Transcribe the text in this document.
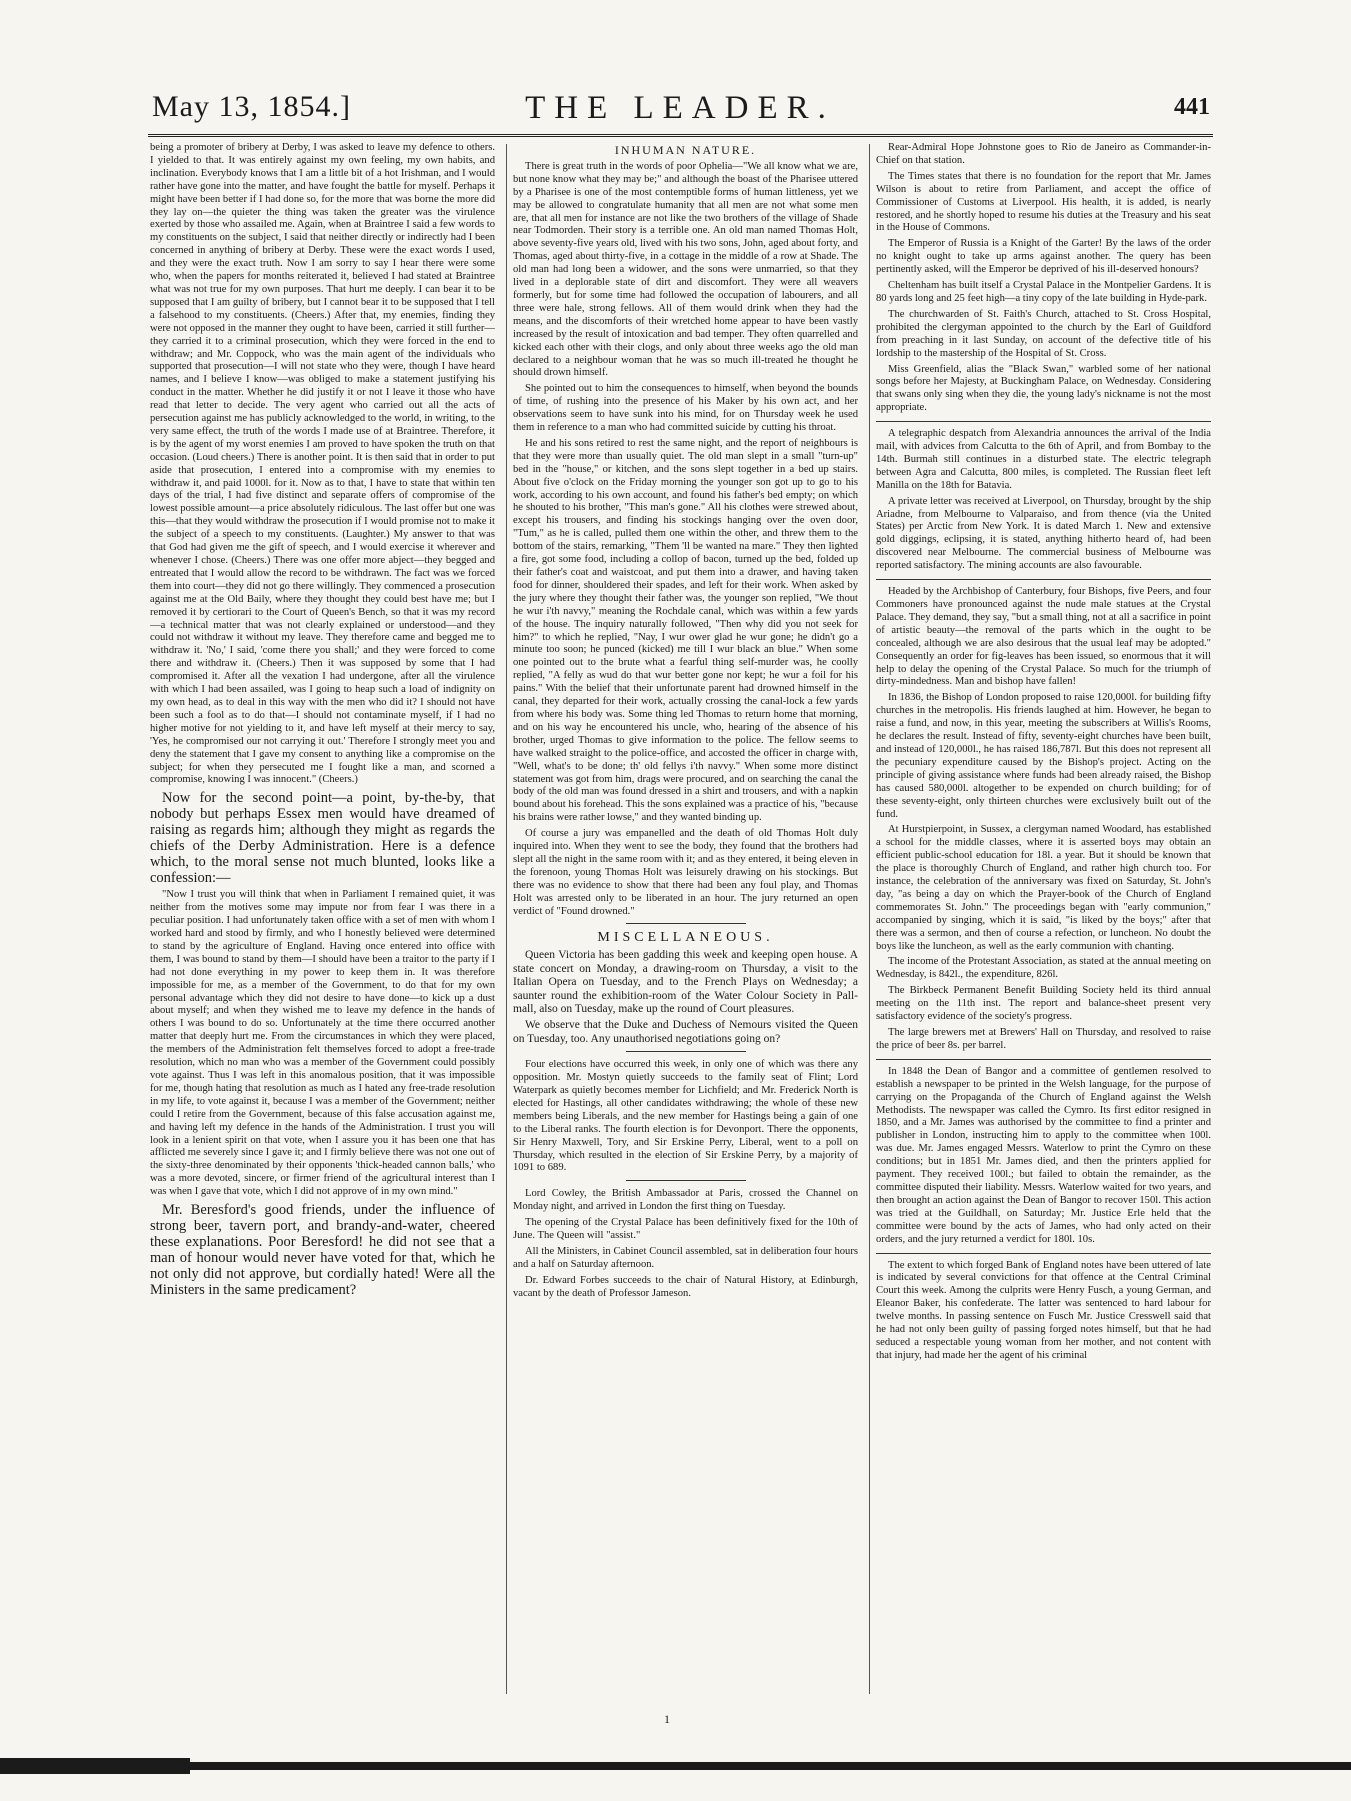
May 13, 1854.]	THE LEADER.	441

being a promoter of bribery at Derby, I was asked to leave my defence to others. I yielded to that. It was entirely against my own feeling, my own habits, and inclination. Everybody knows that I am a little bit of a hot Irishman, and I would rather have gone into the matter, and have fought the battle for myself. Perhaps it might have been better if I had done so, for the more that was borne the more did they lay on—the quieter the thing was taken the greater was the virulence exerted by those who assailed me. Again, when at Braintree I said a few words to my constituents on the subject, I said that neither directly or indirectly had I been concerned in anything of bribery at Derby. These were the exact words I used, and they were the exact truth. Now I am sorry to say I hear there were some who, when the papers for months reiterated it, believed I had stated at Braintree what was not true for my own purposes. That hurt me deeply. I can bear it to be supposed that I am guilty of bribery, but I cannot bear it to be supposed that I tell a falsehood to my constituents. (Cheers.) After that, my enemies, finding they were not opposed in the manner they ought to have been, carried it still further—they carried it to a criminal prosecution, which they were forced in the end to withdraw; and Mr. Coppock, who was the main agent of the individuals who supported that prosecution—I will not state who they were, though I have heard names, and I believe I know—was obliged to make a statement justifying his conduct in the matter. Whether he did justify it or not I leave it those who have read that letter to decide. The very agent who carried out all the acts of persecution against me has publicly acknowledged to the world, in writing, to the very same effect, the truth of the words I made use of at Braintree. Therefore, it is by the agent of my worst enemies I am proved to have spoken the truth on that occasion. (Loud cheers.) There is another point. It is then said that in order to put aside that prosecution, I entered into a compromise with my enemies to withdraw it, and paid 1000l. for it. Now as to that, I have to state that within ten days of the trial, I had five distinct and separate offers of compromise of the lowest possible amount—a price absolutely ridiculous. The last offer but one was this—that they would withdraw the prosecution if I would promise not to make it the subject of a speech to my constituents. (Laughter.) My answer to that was that God had given me the gift of speech, and I would exercise it wherever and whenever I chose. (Cheers.) There was one offer more abject—they begged and entreated that I would allow the record to be withdrawn. The fact was we forced them into court—they did not go there willingly. They commenced a prosecution against me at the Old Baily, where they thought they could best have me; but I removed it by certiorari to the Court of Queen's Bench, so that it was my record—a technical matter that was not clearly explained or understood—and they could not withdraw it without my leave. They therefore came and begged me to withdraw it. 'No,' I said, 'come there you shall;' and they were forced to come there and withdraw it. (Cheers.) Then it was supposed by some that I had compromised it. After all the vexation I had undergone, after all the virulence with which I had been assailed, was I going to heap such a load of indignity on my own head, as to deal in this way with the men who did it? I should not have been such a fool as to do that—I should not contaminate myself, if I had no higher motive for not yielding to it, and have left myself at their mercy to say, 'Yes, he compromised our not carrying it out.' Therefore I strongly meet you and deny the statement that I gave my consent to anything like a compromise on the subject; for when they persecuted me I fought like a man, and scorned a compromise, knowing I was innocent." (Cheers.)

Now for the second point—a point, by-the-by, that nobody but perhaps Essex men would have dreamed of raising as regards him; although they might as regards the chiefs of the Derby Administration. Here is a defence which, to the moral sense not much blunted, looks like a confession:—

"Now I trust you will think that when in Parliament I remained quiet, it was neither from the motives some may impute nor from fear I was there in a peculiar position. I had unfortunately taken office with a set of men with whom I worked hard and stood by firmly, and who I honestly believed were determined to stand by the agriculture of England. Having once entered into office with them, I was bound to stand by them—I should have been a traitor to the party if I had not done everything in my power to keep them in. It was therefore impossible for me, as a member of the Government, to do that for my own personal advantage which they did not desire to have done—to kick up a dust about myself; and when they wished me to leave my defence in the hands of others I was bound to do so. Unfortunately at the time there occurred another matter that deeply hurt me. From the circumstances in which they were placed, the members of the Administration felt themselves forced to adopt a free-trade resolution, which no man who was a member of the Government could possibly vote against. Thus I was left in this anomalous position, that it was impossible for me, though hating that resolution as much as I hated any free-trade resolution in my life, to vote against it, because I was a member of the Government; neither could I retire from the Government, because of this false accusation against me, and having left my defence in the hands of the Administration. I trust you will look in a lenient spirit on that vote, when I assure you it has been one that has afflicted me severely since I gave it; and I firmly believe there was not one out of the sixty-three denominated by their opponents 'thick-headed cannon balls,' who was a more devoted, sincere, or firmer friend of the agricultural interest than I was when I gave that vote, which I did not approve of in my own mind."

Mr. Beresford's good friends, under the influence of strong beer, tavern port, and brandy-and-water, cheered these explanations. Poor Beresford! he did not see that a man of honour would never have voted for that, which he not only did not approve, but cordially hated! Were all the Ministers in the same predicament?

INHUMAN NATURE.

There is great truth in the words of poor Ophelia—"We all know what we are, but none know what they may be;" and although the boast of the Pharisee uttered by a Pharisee is one of the most contemptible forms of human littleness, yet we may be allowed to congratulate humanity that all men are not what some men are, that all men for instance are not like the two brothers of the village of Shade near Todmorden. Their story is a terrible one. An old man named Thomas Holt, above seventy-five years old, lived with his two sons, John, aged about forty, and Thomas, aged about thirty-five, in a cottage in the middle of a row at Shade. The old man had long been a widower, and the sons were unmarried, so that they lived in a deplorable state of dirt and discomfort. They were all weavers formerly, but for some time had followed the occupation of labourers, and all three were hale, strong fellows. All of them would drink when they had the means, and the discomforts of their wretched home appear to have been vastly increased by the result of intoxication and bad temper. They often quarrelled and kicked each other with their clogs, and only about three weeks ago the old man declared to a neighbour woman that he was so much ill-treated he thought he should drown himself.

She pointed out to him the consequences to himself, when beyond the bounds of time, of rushing into the presence of his Maker by his own act, and her observations seem to have sunk into his mind, for on Thursday week he used them in reference to a man who had committed suicide by cutting his throat.

He and his sons retired to rest the same night, and the report of neighbours is that they were more than usually quiet. The old man slept in a small "turn-up" bed in the "house," or kitchen, and the sons slept together in a bed up stairs. About five o'clock on the Friday morning the younger son got up to go to his work, according to his own account, and found his father's bed empty; on which he shouted to his brother, "This man's gone." All his clothes were strewed about, except his trousers, and finding his stockings hanging over the oven door, "Tum," as he is called, pulled them one within the other, and threw them to the bottom of the stairs, remarking, "Them 'll be wanted na mare." They then lighted a fire, got some food, including a collop of bacon, turned up the bed, folded up their father's coat and waistcoat, and put them into a drawer, and having taken food for dinner, shouldered their spades, and left for their work. When asked by the jury where they thought their father was, the younger son replied, "We thout he wur i'th navvy," meaning the Rochdale canal, which was within a few yards of the house. The inquiry naturally followed, "Then why did you not seek for him?" to which he replied, "Nay, I wur ower glad he wur gone; he didn't go a minute too soon; he punced (kicked) me till I wur black an blue." When some one pointed out to the brute what a fearful thing self-murder was, he coolly replied, "A felly as wud do that wur better gone nor kept; he wur a foil for his pains." With the belief that their unfortunate parent had drowned himself in the canal, they departed for their work, actually crossing the canal-lock a few yards from where his body was. Some thing led Thomas to return home that morning, and on his way he encountered his uncle, who, hearing of the absence of his brother, urged Thomas to give information to the police. The fellow seems to have walked straight to the police-office, and accosted the officer in charge with, "Well, what's to be done; th' old fellys i'th navvy." When some more distinct statement was got from him, drags were procured, and on searching the canal the body of the old man was found dressed in a shirt and trousers, and with a napkin bound about his forehead. This the sons explained was a practice of his, "because his brains were rather lowse," and they wanted binding up.

Of course a jury was empanelled and the death of old Thomas Holt duly inquired into. When they went to see the body, they found that the brothers had slept all the night in the same room with it; and as they entered, it being eleven in the forenoon, young Thomas Holt was leisurely drawing on his stockings. But there was no evidence to show that there had been any foul play, and Thomas Holt was arrested only to be liberated in an hour. The jury returned an open verdict of "Found drowned."

MISCELLANEOUS.

Queen Victoria has been gadding this week and keeping open house. A state concert on Monday, a drawing-room on Thursday, a visit to the Italian Opera on Tuesday, and to the French Plays on Wednesday; a saunter round the exhibition-room of the Water Colour Society in Pall-mall, also on Tuesday, make up the round of Court pleasures.

We observe that the Duke and Duchess of Nemours visited the Queen on Tuesday, too. Any unauthorised negotiations going on?

Four elections have occurred this week, in only one of which was there any opposition. Mr. Mostyn quietly succeeds to the family seat of Flint; Lord Waterpark as quietly becomes member for Lichfield; and Mr. Frederick North is elected for Hastings, all other candidates withdrawing; the whole of these new members being Liberals, and the new member for Hastings being a gain of one to the Liberal ranks. The fourth election is for Devonport. There the opponents, Sir Henry Maxwell, Tory, and Sir Erskine Perry, Liberal, went to a poll on Thursday, which resulted in the election of Sir Erskine Perry, by a majority of 1091 to 689.

Lord Cowley, the British Ambassador at Paris, crossed the Channel on Monday night, and arrived in London the first thing on Tuesday.

The opening of the Crystal Palace has been definitively fixed for the 10th of June. The Queen will "assist."

All the Ministers, in Cabinet Council assembled, sat in deliberation four hours and a half on Saturday afternoon.

Dr. Edward Forbes succeeds to the chair of Natural History, at Edinburgh, vacant by the death of Professor Jameson.

Rear-Admiral Hope Johnstone goes to Rio de Janeiro as Commander-in-Chief on that station.

The Times states that there is no foundation for the report that Mr. James Wilson is about to retire from Parliament, and accept the office of Commissioner of Customs at Liverpool. His health, it is added, is nearly restored, and he shortly hoped to resume his duties at the Treasury and his seat in the House of Commons.

The Emperor of Russia is a Knight of the Garter! By the laws of the order no knight ought to take up arms against another. The query has been pertinently asked, will the Emperor be deprived of his ill-deserved honours?

Cheltenham has built itself a Crystal Palace in the Montpelier Gardens. It is 80 yards long and 25 feet high—a tiny copy of the late building in Hyde-park.

The churchwarden of St. Faith's Church, attached to St. Cross Hospital, prohibited the clergyman appointed to the church by the Earl of Guildford from preaching in it last Sunday, on account of the defective title of his lordship to the mastership of the Hospital of St. Cross.

Miss Greenfield, alias the "Black Swan," warbled some of her national songs before her Majesty, at Buckingham Palace, on Wednesday. Considering that swans only sing when they die, the young lady's nickname is not the most appropriate.

A telegraphic despatch from Alexandria announces the arrival of the India mail, with advices from Calcutta to the 6th of April, and from Bombay to the 14th. Burmah still continues in a disturbed state. The electric telegraph between Agra and Calcutta, 800 miles, is completed. The Russian fleet left Manilla on the 18th for Batavia.

A private letter was received at Liverpool, on Thursday, brought by the ship Ariadne, from Melbourne to Valparaiso, and from thence (via the United States) per Arctic from New York. It is dated March 1. New and extensive gold diggings, eclipsing, it is stated, anything hitherto heard of, had been discovered near Melbourne. The commercial business of Melbourne was reported satisfactory. The mining accounts are also favourable.

Headed by the Archbishop of Canterbury, four Bishops, five Peers, and four Commoners have pronounced against the nude male statues at the Crystal Palace. They demand, they say, "but a small thing, not at all a sacrifice in point of artistic beauty—the removal of the parts which in the ought to be concealed, although we are also desirous that the usual leaf may be adopted." Consequently an order for fig-leaves has been issued, so enormous that it will help to delay the opening of the Crystal Palace. So much for the triumph of dirty-mindedness. Man and bishop have fallen!

In 1836, the Bishop of London proposed to raise 120,000l. for building fifty churches in the metropolis. His friends laughed at him. However, he began to raise a fund, and now, in this year, meeting the subscribers at Willis's Rooms, he declares the result. Instead of fifty, seventy-eight churches have been built, and instead of 120,000l., he has raised 186,787l. But this does not represent all the pecuniary expenditure caused by the Bishop's project. Acting on the principle of giving assistance where funds had been already raised, the Bishop has caused 580,000l. altogether to be expended on church building; for of these seventy-eight, only thirteen churches were exclusively built out of the fund.

At Hurstpierpoint, in Sussex, a clergyman named Woodard, has established a school for the middle classes, where it is asserted boys may obtain an efficient public-school education for 18l. a year. But it should be known that the place is thoroughly Church of England, and rather high church too. For instance, the celebration of the anniversary was fixed on Saturday, St. John's day, "as being a day on which the Prayer-book of the Church of England commemorates St. John." The proceedings began with "early communion," accompanied by singing, which it is said, "is liked by the boys;" after that there was a sermon, and then of course a refection, or luncheon. No doubt the boys like the luncheon, as well as the early communion with chanting.

The income of the Protestant Association, as stated at the annual meeting on Wednesday, is 842l., the expenditure, 826l.

The Birkbeck Permanent Benefit Building Society held its third annual meeting on the 11th inst. The report and balance-sheet present very satisfactory evidence of the society's progress.

The large brewers met at Brewers' Hall on Thursday, and resolved to raise the price of beer 8s. per barrel.

In 1848 the Dean of Bangor and a committee of gentlemen resolved to establish a newspaper to be printed in the Welsh language, for the purpose of carrying on the Propaganda of the Church of England against the Welsh Methodists. The newspaper was called the Cymro. Its first editor resigned in 1850, and a Mr. James was authorised by the committee to find a printer and publisher in London, instructing him to apply to the committee when 100l. was due. Mr. James engaged Messrs. Waterlow to print the Cymro on these conditions; but in 1851 Mr. James died, and then the printers applied for payment. They received 100l.; but failed to obtain the remainder, as the committee disputed their liability. Messrs. Waterlow waited for two years, and then brought an action against the Dean of Bangor to recover 150l. This action was tried at the Guildhall, on Saturday; Mr. Justice Erle held that the committee were bound by the acts of James, who had only acted on their orders, and the jury returned a verdict for 180l. 10s.

The extent to which forged Bank of England notes have been uttered of late is indicated by several convictions for that offence at the Central Criminal Court this week. Among the culprits were Henry Fusch, a young German, and Eleanor Baker, his confederate. The latter was sentenced to hard labour for twelve months. In passing sentence on Fusch Mr. Justice Cresswell said that he had not only been guilty of passing forged notes himself, but that he had seduced a respectable young woman from her mother, and not content with that injury, had made her the agent of his criminal

1
